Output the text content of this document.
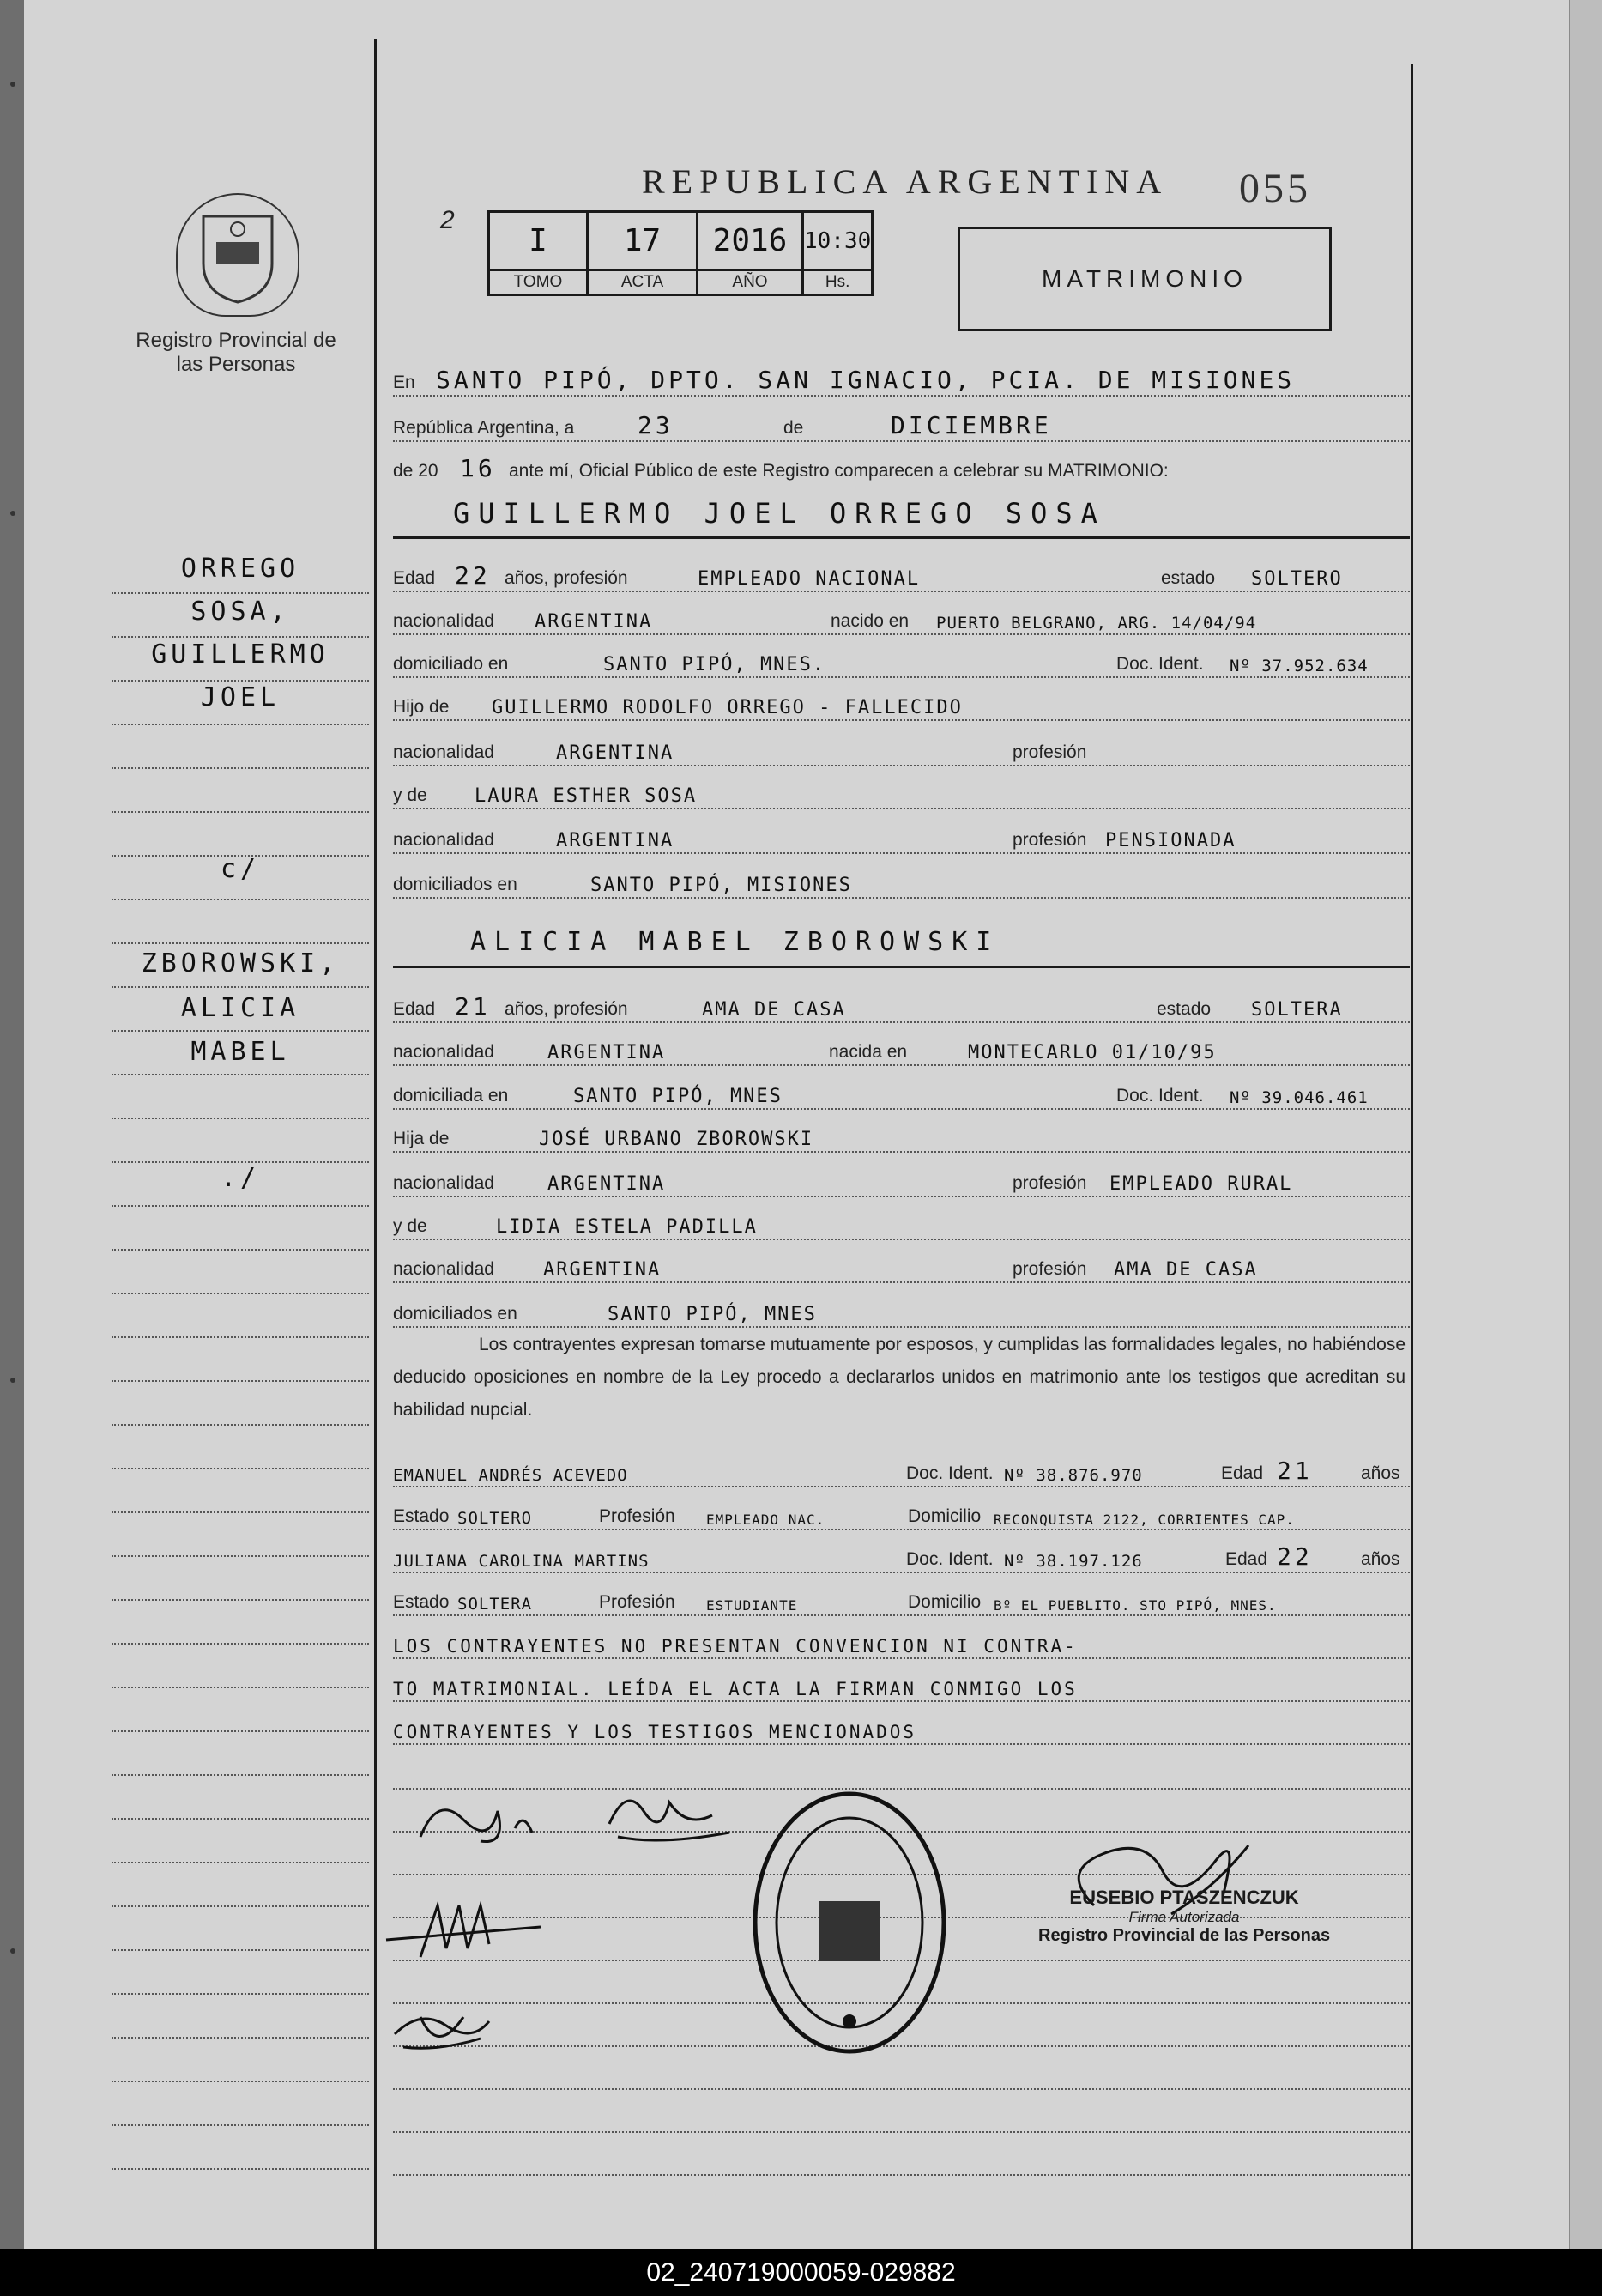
Registro Provincial de las Personas
REPUBLICA ARGENTINA 055
2
I	17	2016	10:30
TOMO	ACTA	AÑO	Hs.	MATRIMONIO
ORREGO
SOSA,
GUILLERMO
JOEL
c/
ZBOROWSKI,
ALICIA
MABEL
./
En SANTO PIPÓ, DPTO. SAN IGNACIO, PCIA. DE MISIONES
República Argentina, a	23	de	DICIEMBRE
de 20 16 ante mí, Oficial Público de este Registro comparecen a celebrar su MATRIMONIO:
GUILLERMO JOEL ORREGO SOSA
Edad 22 años, profesión	EMPLEADO NACIONAL	estado SOLTERO
nacionalidad ARGENTINA	nacido en PUERTO BELGRANO, ARG. 14/04/94
domiciliado en	SANTO PIPÓ, MNES.	Doc. Ident. Nº 37.952.634
Hijo de GUILLERMO RODOLFO ORREGO - FALLECIDO
nacionalidad	ARGENTINA	profesión
y de	LAURA ESTHER SOSA
nacionalidad	ARGENTINA	profesión PENSIONADA
domiciliados en	SANTO PIPÓ, MISIONES
ALICIA MABEL ZBOROWSKI
Edad 21 años, profesión	AMA DE CASA	estado SOLTERA
nacionalidad	ARGENTINA	nacida en	MONTECARLO 01/10/95
domiciliada en	SANTO PIPÓ, MNES	Doc. Ident. Nº 39.046.461
Hija de	JOSÉ URBANO ZBOROWSKI
nacionalidad	ARGENTINA	profesión EMPLEADO RURAL
y de	LIDIA ESTELA PADILLA
nacionalidad	ARGENTINA	profesión AMA DE CASA
domiciliados en	SANTO PIPÓ, MNES
Los contrayentes expresan tomarse mutuamente por esposos, y cumplidas las formalidades legales, no habiéndose deducido oposiciones en nombre de la Ley procedo a declararlos unidos en matrimonio ante los testigos que acreditan su habilidad nupcial.
EMANUEL ANDRÉS ACEVEDO	Doc. Ident. Nº 38.876.970	Edad 21	años
Estado SOLTERO	Profesión EMPLEADO NAC.	Domicilio RECONQUISTA 2122, CORRIENTES CAP.
JULIANA CAROLINA MARTINS	Doc. Ident. Nº 38.197.126	Edad 22	años
Estado SOLTERA	Profesión ESTUDIANTE	Domicilio Bº EL PUEBLITO. STO PIPÓ, MNES.
LOS CONTRAYENTES NO PRESENTAN CONVENCION NI CONTRA-
TO MATRIMONIAL. LEÍDA EL ACTA LA FIRMAN CONMIGO LOS
CONTRAYENTES Y LOS TESTIGOS MENCIONADOS
EUSEBIO PTASZENCZUK
Firma Autorizada
Registro Provincial de las Personas
02_240719000059-029882
